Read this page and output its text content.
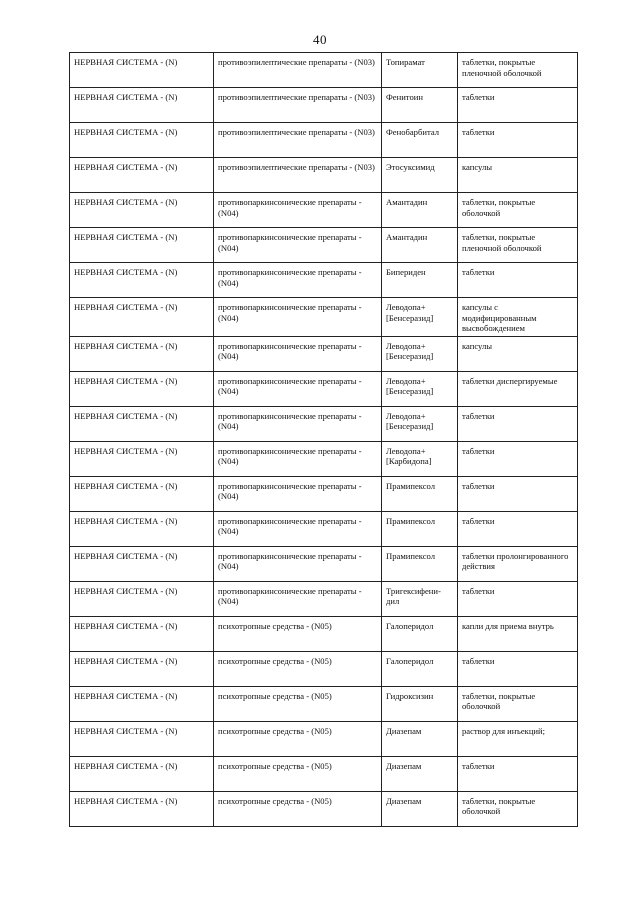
40
НЕРВНАЯ СИСТЕМА - (N)	противоэпилептические препараты - (N03)	Топирамат	таблетки, покрытые пленочной оболочкой
НЕРВНАЯ СИСТЕМА - (N)	противоэпилептические препараты - (N03)	Фенитоин	таблетки
НЕРВНАЯ СИСТЕМА - (N)	противоэпилептические препараты - (N03)	Фенобарбитал	таблетки
НЕРВНАЯ СИСТЕМА - (N)	противоэпилептические препараты - (N03)	Этосуксимид	капсулы
НЕРВНАЯ СИСТЕМА - (N)	противопаркинсонические препараты - (N04)	Амантадин	таблетки, покрытые оболочкой
НЕРВНАЯ СИСТЕМА - (N)	противопаркинсонические препараты - (N04)	Амантадин	таблетки, покрытые пленочной оболочкой
НЕРВНАЯ СИСТЕМА - (N)	противопаркинсонические препараты - (N04)	Бипериден	таблетки
НЕРВНАЯ СИСТЕМА - (N)	противопаркинсонические препараты - (N04)	Леводопа+ [Бенсеразид]	капсулы с модифицированным высвобождением
НЕРВНАЯ СИСТЕМА - (N)	противопаркинсонические препараты - (N04)	Леводопа+ [Бенсеразид]	капсулы
НЕРВНАЯ СИСТЕМА - (N)	противопаркинсонические препараты - (N04)	Леводопа+ [Бенсеразид]	таблетки диспергируемые
НЕРВНАЯ СИСТЕМА - (N)	противопаркинсонические препараты - (N04)	Леводопа+ [Бенсеразид]	таблетки
НЕРВНАЯ СИСТЕМА - (N)	противопаркинсонические препараты - (N04)	Леводопа+ [Карбидопа]	таблетки
НЕРВНАЯ СИСТЕМА - (N)	противопаркинсонические препараты - (N04)	Прамипексол	таблетки
НЕРВНАЯ СИСТЕМА - (N)	противопаркинсонические препараты - (N04)	Прамипексол	таблетки
НЕРВНАЯ СИСТЕМА - (N)	противопаркинсонические препараты - (N04)	Прамипексол	таблетки пролонгированного действия
НЕРВНАЯ СИСТЕМА - (N)	противопаркинсонические препараты - (N04)	Тригексифени- дил	таблетки
НЕРВНАЯ СИСТЕМА - (N)	психотропные средства - (N05)	Галоперидол	капли для приема внутрь
НЕРВНАЯ СИСТЕМА - (N)	психотропные средства - (N05)	Галоперидол	таблетки
НЕРВНАЯ СИСТЕМА - (N)	психотропные средства - (N05)	Гидроксизин	таблетки, покрытые оболочкой
НЕРВНАЯ СИСТЕМА - (N)	психотропные средства - (N05)	Диазепам	раствор для инъекций;
НЕРВНАЯ СИСТЕМА - (N)	психотропные средства - (N05)	Диазепам	таблетки
НЕРВНАЯ СИСТЕМА - (N)	психотропные средства - (N05)	Диазепам	таблетки, покрытые оболочкой
